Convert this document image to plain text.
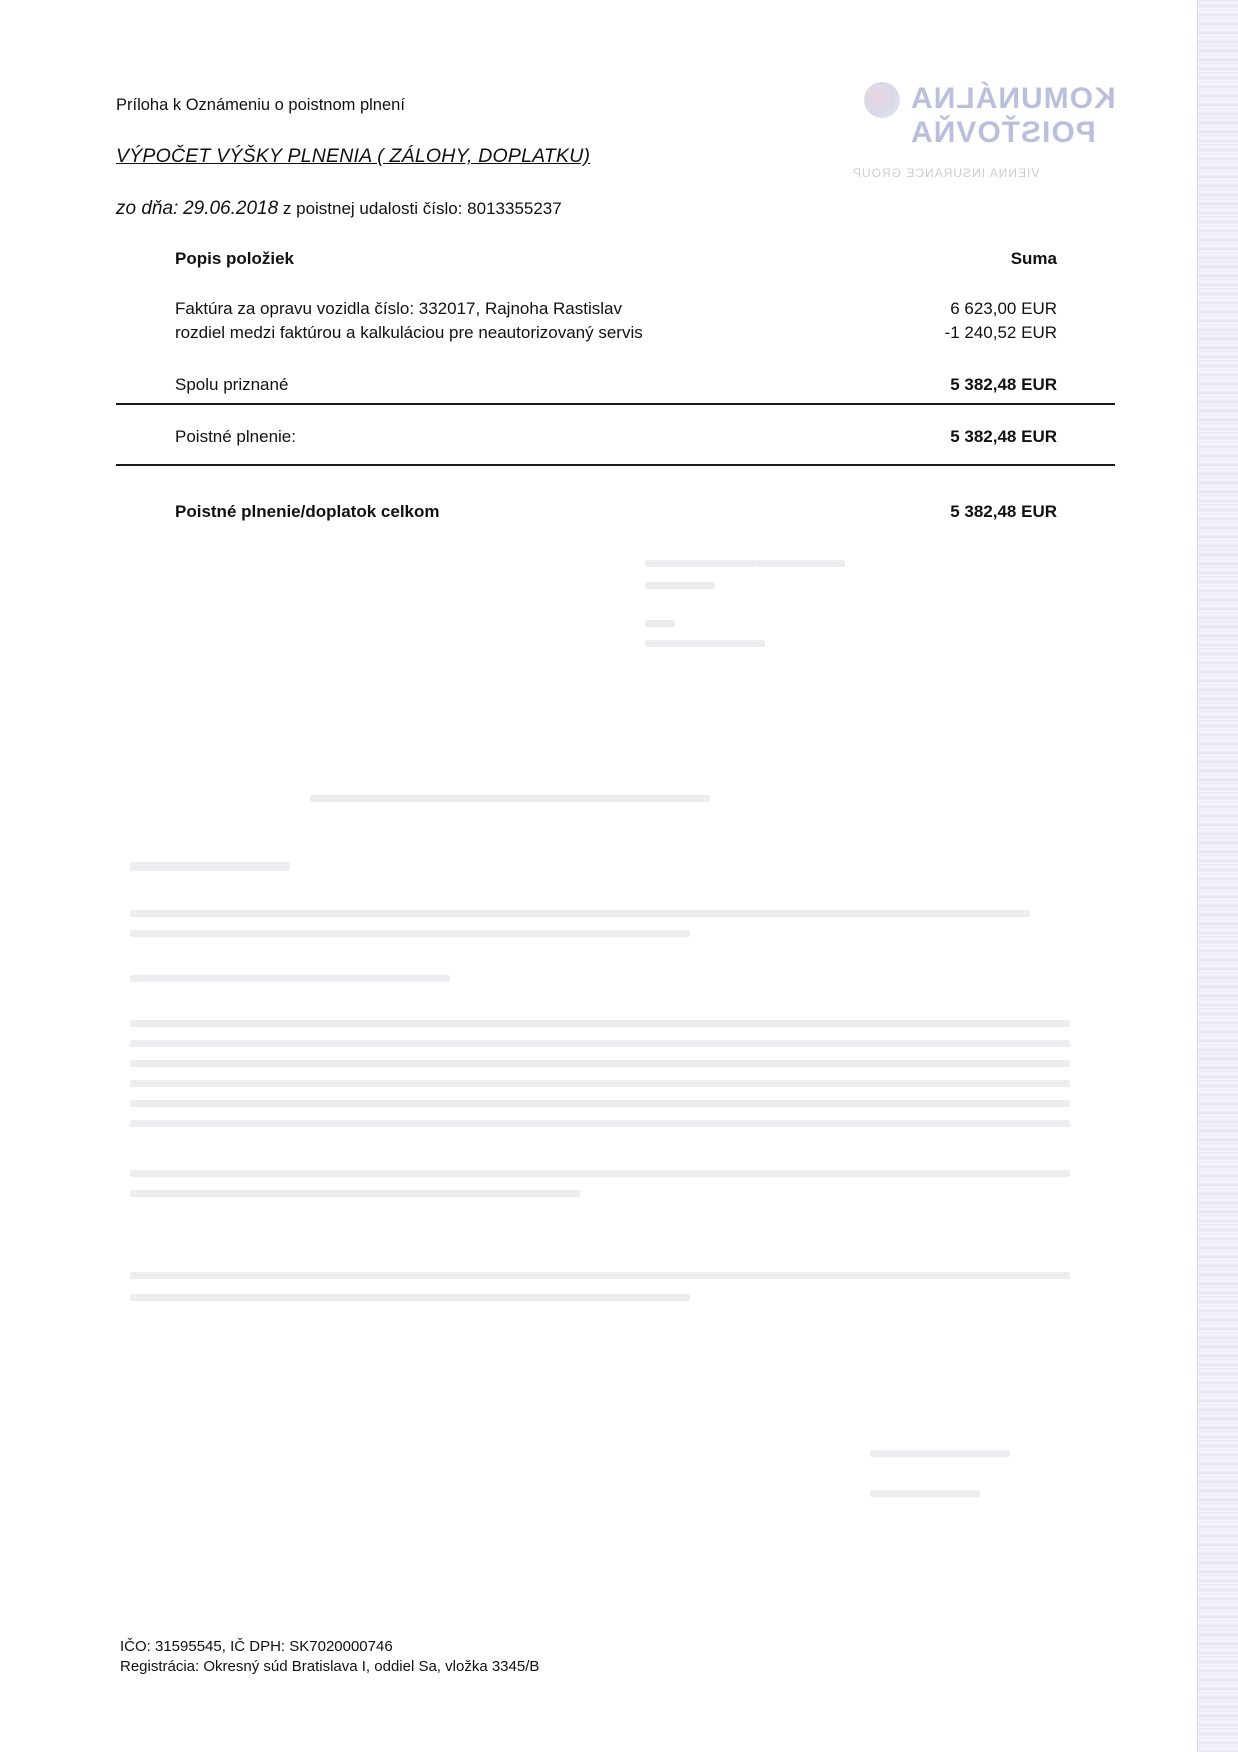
KOMUNÁLNA
POISŤOVŇA
VIENNA INSURANCE GROUP
Príloha k Oznámeniu o poistnom plnení
VÝPOČET VÝŠKY PLNENIA ( ZÁLOHY, DOPLATKU)
zo dňa: 29.06.2018 z poistnej udalosti číslo: 8013355237
Popis položiek	Suma
Faktúra za opravu vozidla číslo: 332017, Rajnoha Rastislav	6 623,00 EUR
rozdiel medzi faktúrou a kalkuláciou pre neautorizovaný servis	-1 240,52 EUR
Spolu priznané	5 382,48 EUR
Poistné plnenie:	5 382,48 EUR
Poistné plnenie/doplatok celkom	5 382,48 EUR
IČO: 31595545, IČ DPH: SK7020000746
Registrácia: Okresný súd Bratislava I, oddiel Sa, vložka 3345/B
